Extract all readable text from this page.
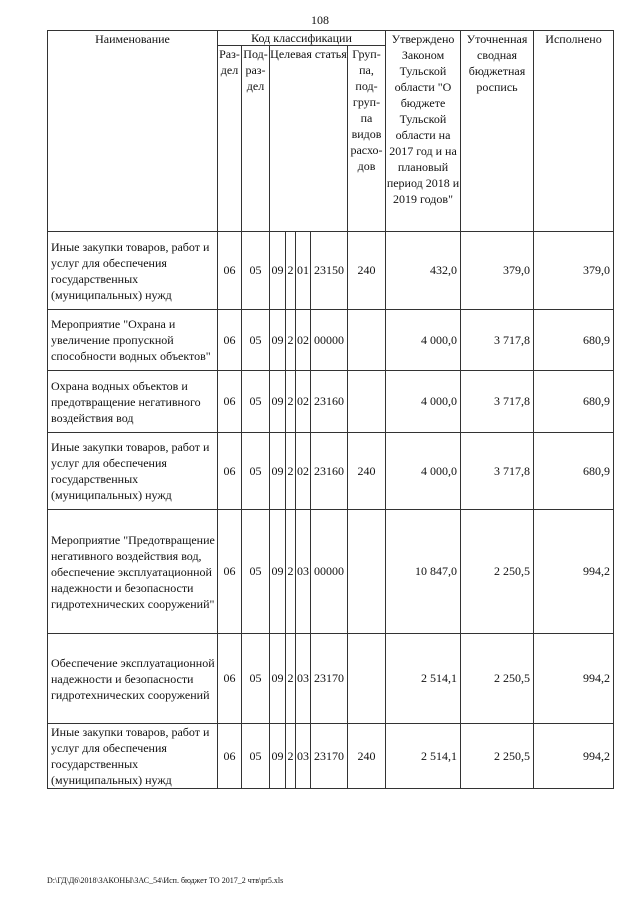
108
Наименование	Код классификации							Утверждено Законом Тульской области "О бюджете Тульской области на 2017 год и на плановый период 2018 и 2019 годов"	Уточненная сводная бюджетная роспись	Исполнено
	Раз-дел	Под-раз-дел	Целевая статья				Груп-па, под-груп-па видов расхо-дов			
Иные закупки товаров, работ и услуг для обеспечения государственных (муниципальных) нужд	06	05	09	2	01	23150	240	432,0	379,0	379,0
Мероприятие "Охрана и увеличение пропускной способности водных объектов"	06	05	09	2	02	00000		4 000,0	3 717,8	680,9
Охрана водных объектов и предотвращение негативного воздействия вод	06	05	09	2	02	23160		4 000,0	3 717,8	680,9
Иные закупки товаров, работ и услуг для обеспечения государственных (муниципальных) нужд	06	05	09	2	02	23160	240	4 000,0	3 717,8	680,9
Мероприятие "Предотвращение негативного воздействия вод, обеспечение эксплуатационной надежности и безопасности гидротехнических сооружений"	06	05	09	2	03	00000		10 847,0	2 250,5	994,2
Обеспечение эксплуатационной надежности и безопасности гидротехнических сооружений	06	05	09	2	03	23170		2 514,1	2 250,5	994,2
Иные закупки товаров, работ и услуг для обеспечения государственных (муниципальных) нужд	06	05	09	2	03	23170	240	2 514,1	2 250,5	994,2
D:\ГД\Д6\2018\ЗАКОНЫ\ЗАС_54\Исп. бюджет ТО 2017_2 чтв\pr5.xls
